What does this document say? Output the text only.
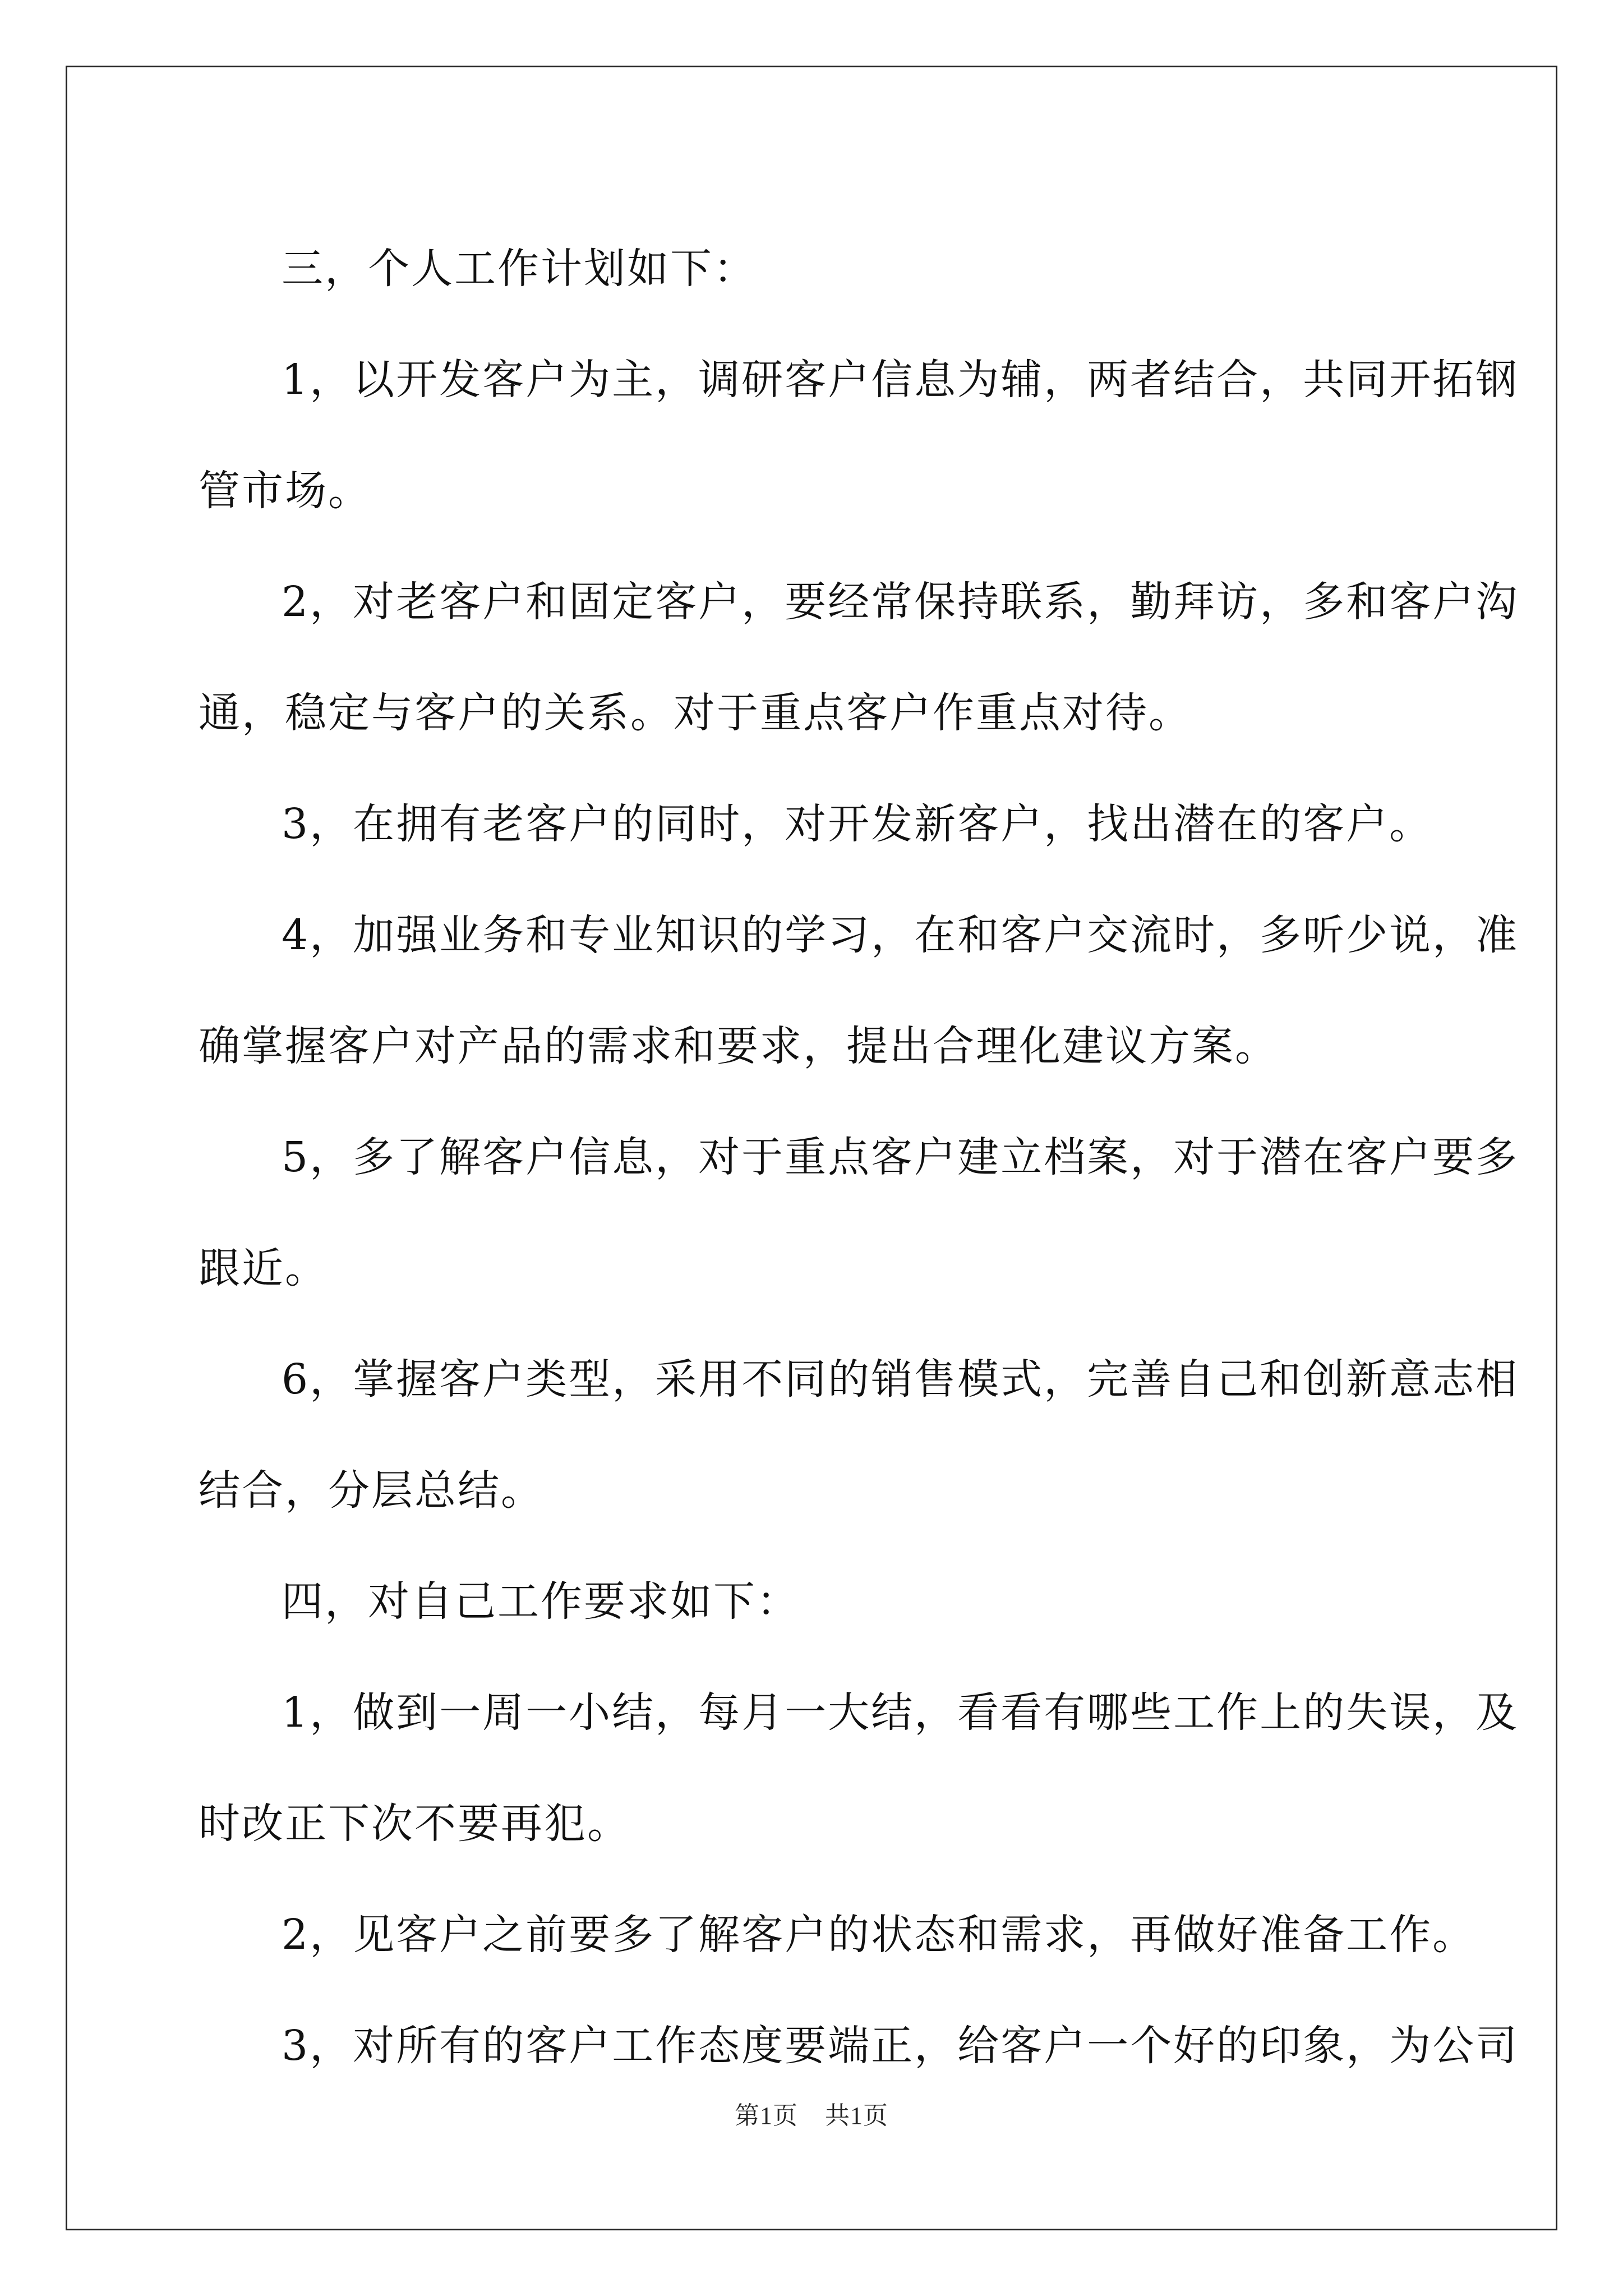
三，个人工作计划如下：

1，以开发客户为主，调研客户信息为辅，两者结合，共同开拓钢

管市场。

2，对老客户和固定客户，要经常保持联系，勤拜访，多和客户沟

通，稳定与客户的关系。对于重点客户作重点对待。

3，在拥有老客户的同时，对开发新客户，找出潜在的客户。

4，加强业务和专业知识的学习，在和客户交流时，多听少说，准

确掌握客户对产品的需求和要求，提出合理化建议方案。

5，多了解客户信息，对于重点客户建立档案，对于潜在客户要多

跟近。

6，掌握客户类型，采用不同的销售模式，完善自己和创新意志相

结合，分层总结。

四，对自己工作要求如下：

1，做到一周一小结，每月一大结，看看有哪些工作上的失误，及

时改正下次不要再犯。

2，见客户之前要多了解客户的状态和需求，再做好准备工作。

3，对所有的客户工作态度要端正，给客户一个好的印象，为公司

第1页 共1页
